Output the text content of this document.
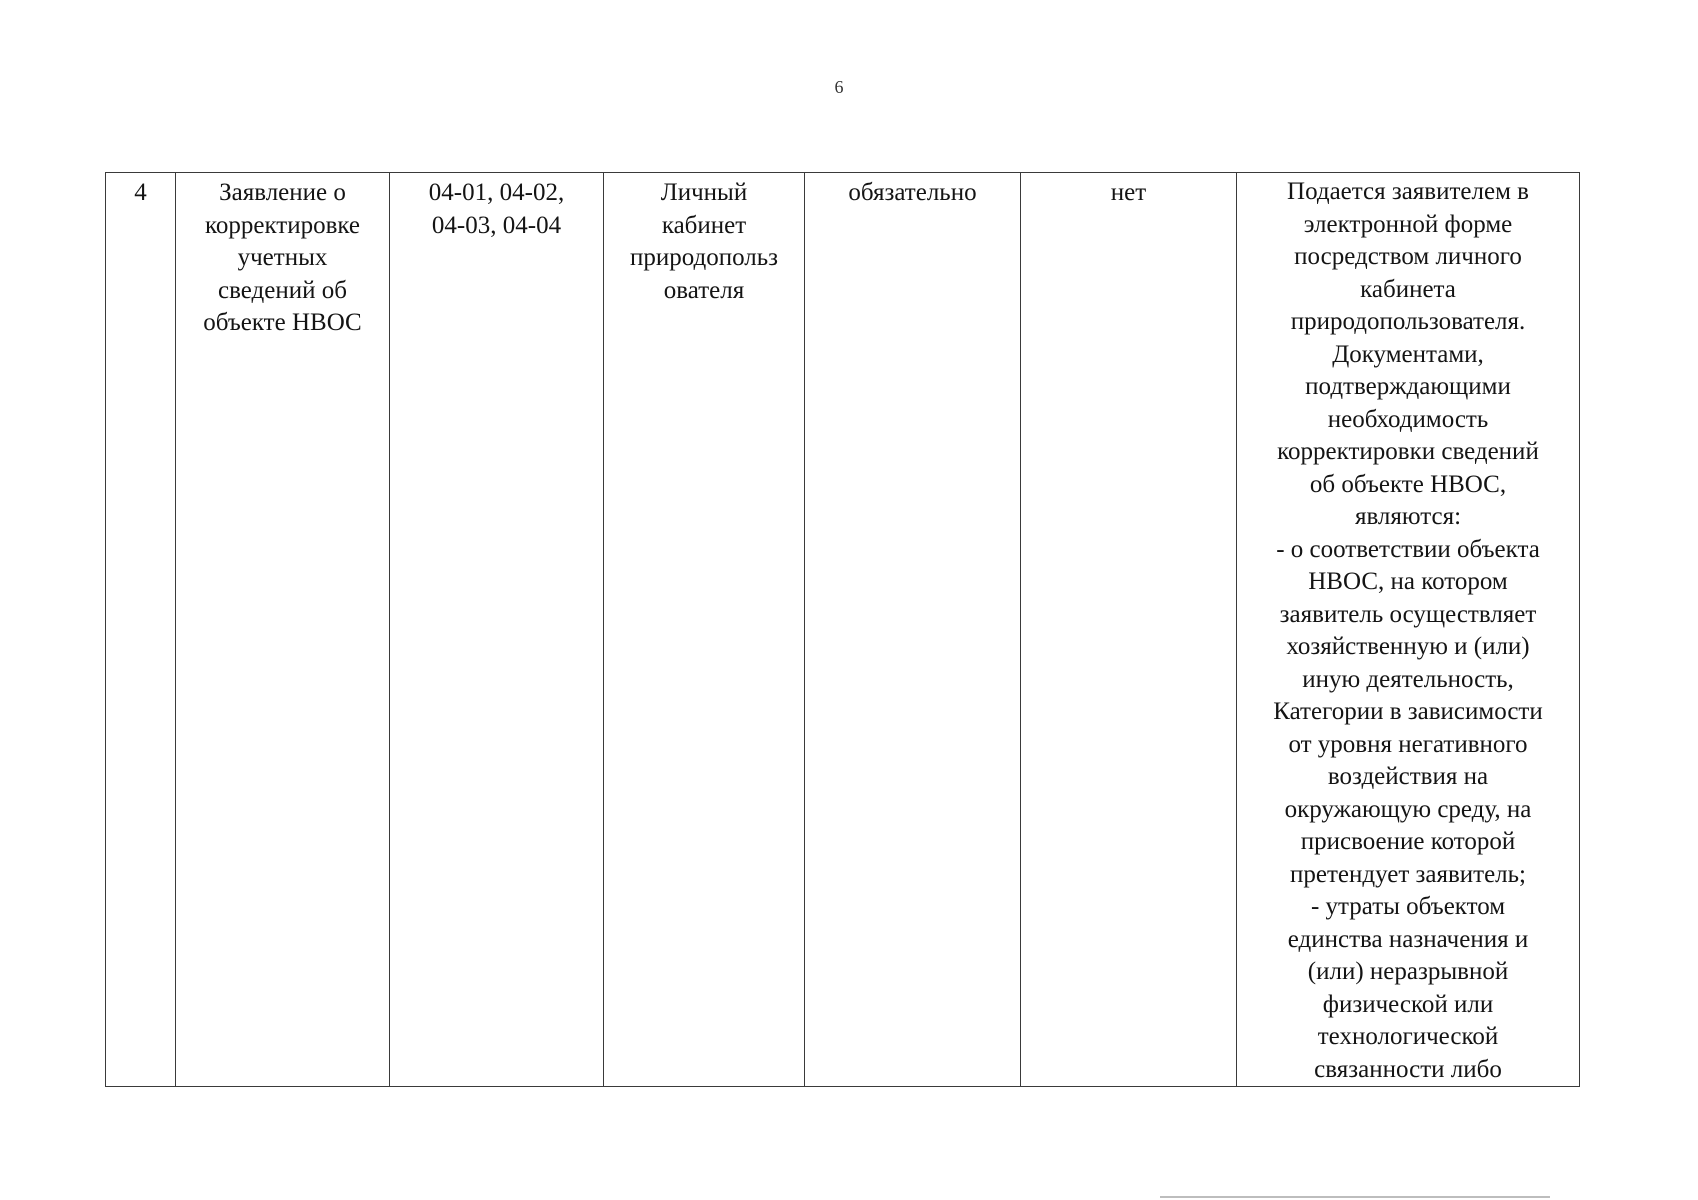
6
4	Заявление о
корректировке
учетных
сведений об
объекте НВОС	04-01, 04-02,
04-03, 04-04	Личный
кабинет
природопольз
ователя	обязательно	нет	Подается заявителем в
электронной форме
посредством личного
кабинета
природопользователя.
Документами,
подтверждающими
необходимость
корректировки сведений
об объекте НВОС,
являются:
- о соответствии объекта
НВОС, на котором
заявитель осуществляет
хозяйственную и (или)
иную деятельность,
Категории в зависимости
от уровня негативного
воздействия на
окружающую среду, на
присвоение которой
претендует заявитель;
- утраты объектом
единства назначения и
(или) неразрывной
физической или
технологической
связанности либо
